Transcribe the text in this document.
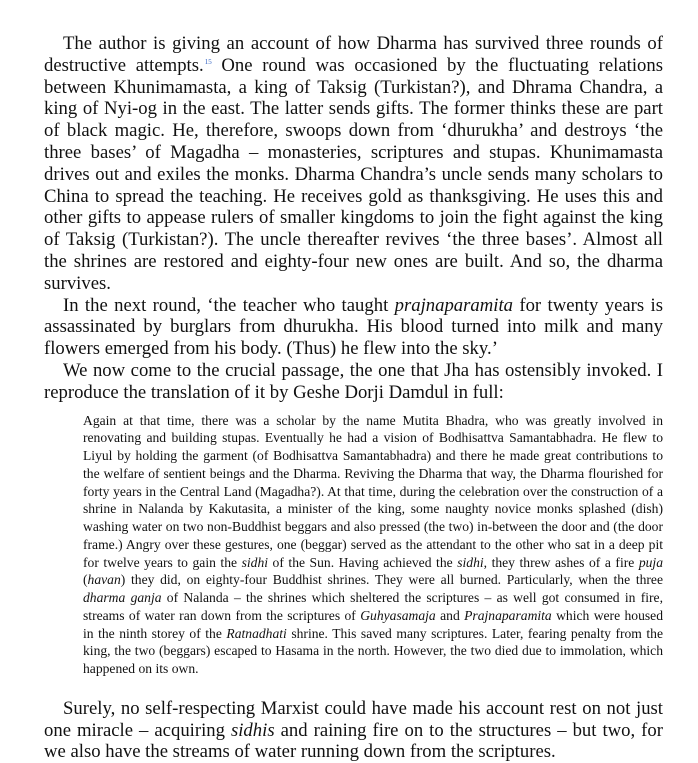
The author is giving an account of how Dharma has survived three rounds of destructive attempts.$^{15}$ One round was occasioned by the fluctuating relations between Khunimamasta, a king of Taksig (Turkistan?), and Dhrama Chandra, a king of Nyi-og in the east. The latter sends gifts. The former thinks these are part of black magic. He, therefore, swoops down from ‘dhurukha’ and destroys ‘the three bases’ of Magadha – monasteries, scriptures and stupas. Khunimamasta drives out and exiles the monks. Dharma Chandra’s uncle sends many scholars to China to spread the teaching. He receives gold as thanksgiving. He uses this and other gifts to appease rulers of smaller kingdoms to join the fight against the king of Taksig (Turkistan?). The uncle thereafter revives ‘the three bases’. Almost all the shrines are restored and eighty-four new ones are built. And so, the dharma survives.

In the next round, ‘the teacher who taught prajnaparamita for twenty years is assassinated by burglars from dhurukha. His blood turned into milk and many flowers emerged from his body. (Thus) he flew into the sky.’

We now come to the crucial passage, the one that Jha has ostensibly invoked. I reproduce the translation of it by Geshe Dorji Damdul in full:

Again at that time, there was a scholar by the name Mutita Bhadra, who was greatly involved in renovating and building stupas. Eventually he had a vision of Bodhisattva Samantabhadra. He flew to Liyul by holding the garment (of Bodhisattva Samantabhadra) and there he made great contributions to the welfare of sentient beings and the Dharma. Reviving the Dharma that way, the Dharma flourished for forty years in the Central Land (Magadha?). At that time, during the celebration over the construction of a shrine in Nalanda by Kakutasita, a minister of the king, some naughty novice monks splashed (dish) washing water on two non-Buddhist beggars and also pressed (the two) in-between the door and (the door frame.) Angry over these gestures, one (beggar) served as the attendant to the other who sat in a deep pit for twelve years to gain the sidhi of the Sun. Having achieved the sidhi, they threw ashes of a fire puja (havan) they did, on eighty-four Buddhist shrines. They were all burned. Particularly, when the three dharma ganja of Nalanda – the shrines which sheltered the scriptures – as well got consumed in fire, streams of water ran down from the scriptures of Guhyasamaja and Prajnaparamita which were housed in the ninth storey of the Ratnadhati shrine. This saved many scriptures. Later, fearing penalty from the king, the two (beggars) escaped to Hasama in the north. However, the two died due to immolation, which happened on its own.

Surely, no self-respecting Marxist could have made his account rest on not just one miracle – acquiring sidhis and raining fire on to the structures – but two, for we also have the streams of water running down from the scriptures.
